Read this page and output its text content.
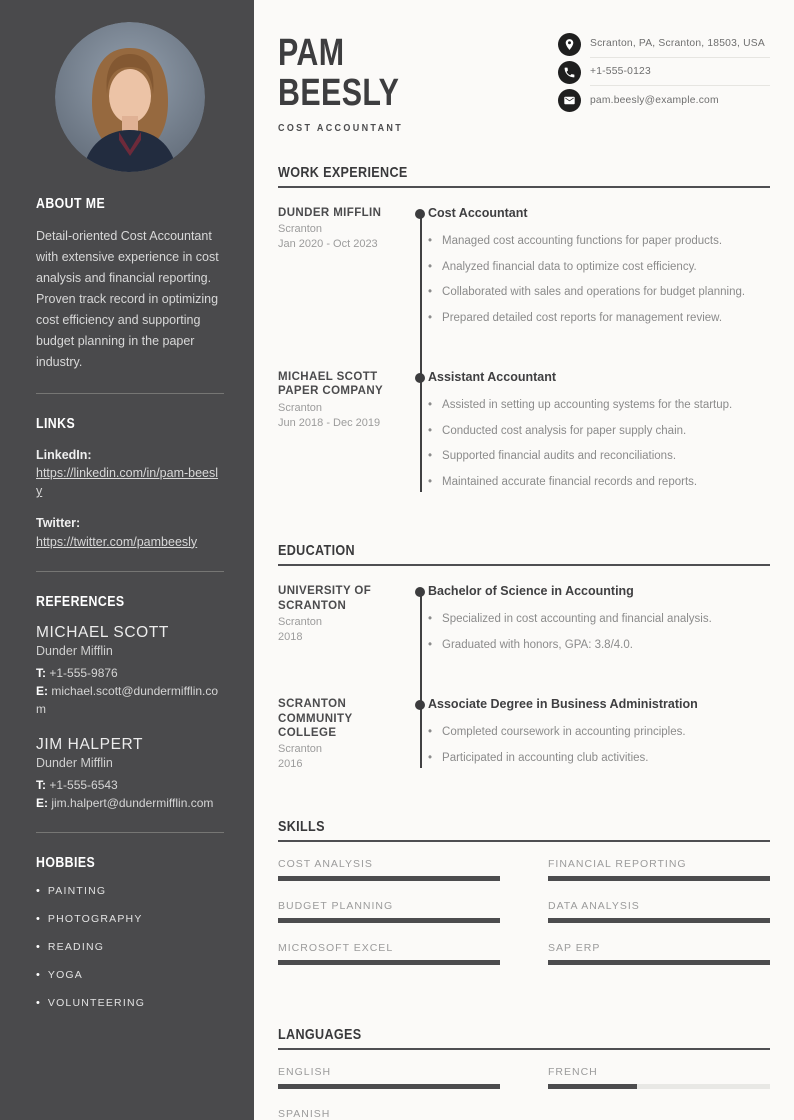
ABOUT ME

Detail-oriented Cost Accountant with extensive experience in cost analysis and financial reporting. Proven track record in optimizing cost efficiency and supporting budget planning in the paper industry.

LINKS
LinkedIn:
https://linkedin.com/in/pam-beesly
Twitter:
https://twitter.com/pambeesly
REFERENCES
MICHAEL SCOTT
Dunder Mifflin
T: +1-555-9876
E: michael.scott@dundermifflin.com
JIM HALPERT
Dunder Mifflin
T: +1-555-6543
E: jim.halpert@dundermifflin.com
HOBBIES
• PAINTING
• PHOTOGRAPHY
• READING
• YOGA
• VOLUNTEERING
PAM BEESLY
COST ACCOUNTANT
Scranton, PA, Scranton, 18503, USA
+1-555-0123
pam.beesly@example.com
WORK EXPERIENCE
DUNDER MIFFLIN
Scranton
Jan 2020 - Oct 2023
Cost Accountant
• Managed cost accounting functions for paper products.
• Analyzed financial data to optimize cost efficiency.
• Collaborated with sales and operations for budget planning.
• Prepared detailed cost reports for management review.
MICHAEL SCOTT PAPER COMPANY
Scranton
Jun 2018 - Dec 2019
Assistant Accountant
• Assisted in setting up accounting systems for the startup.
• Conducted cost analysis for paper supply chain.
• Supported financial audits and reconciliations.
• Maintained accurate financial records and reports.
EDUCATION
UNIVERSITY OF SCRANTON
Scranton
2018
Bachelor of Science in Accounting
• Specialized in cost accounting and financial analysis.
• Graduated with honors, GPA: 3.8/4.0.
SCRANTON COMMUNITY COLLEGE
Scranton
2016
Associate Degree in Business Administration
• Completed coursework in accounting principles.
• Participated in accounting club activities.
SKILLS
COST ANALYSIS	FINANCIAL REPORTING
BUDGET PLANNING	DATA ANALYSIS
MICROSOFT EXCEL	SAP ERP
LANGUAGES
ENGLISH	FRENCH
SPANISH
